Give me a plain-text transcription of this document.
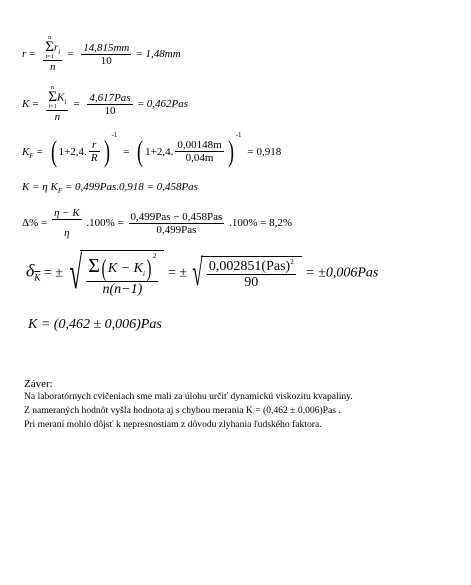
r = n
Σ
i=1
$r_i$
$n = \frac{14,815mm}{10} = 1,48mm$
K = n
Σ
i=1
$K_i$
$n = \frac{\text{4,617Pas}}{10} = 0,462Pas$
$K_F$ = ( 1+2,4. $\frac{r}{R} )^{-1}$ = ( 1+2,4. $\frac{0,00148m}{0,04m} )^{-1} = 0,918$
K = η $K_F = 0,499Pas.0,918 = 0,458Pas$
$\Delta\% = \frac{\eta - K}{\eta} .100\% = \frac{\text{0,499Pas − 0,458Pas}}{\text{0,499Pas}} .100\% = 8,2\%$
$\delta_{\overline{K}}$ = ± √ $\frac{\Sigma( K - K_i) ^2}{n(n-1)}$ = ± √ $\frac{0,002851(Pas)^2}{90} = \pm 0,006Pas$
K = (0,462 ± 0,006)Pas
Záver:
Na laboratórnych cvičeniach sme mali za úlohu určiť dynamickú viskozitu kvapaliny.
Z nameraných hodnôt vyšla hodnota aj s chybou merania K = (0,462 ± 0,006)Pas .
Pri meraní mohlo dôjsť k nepresnostiam z dôvodu zlyhania ľudského faktora.
